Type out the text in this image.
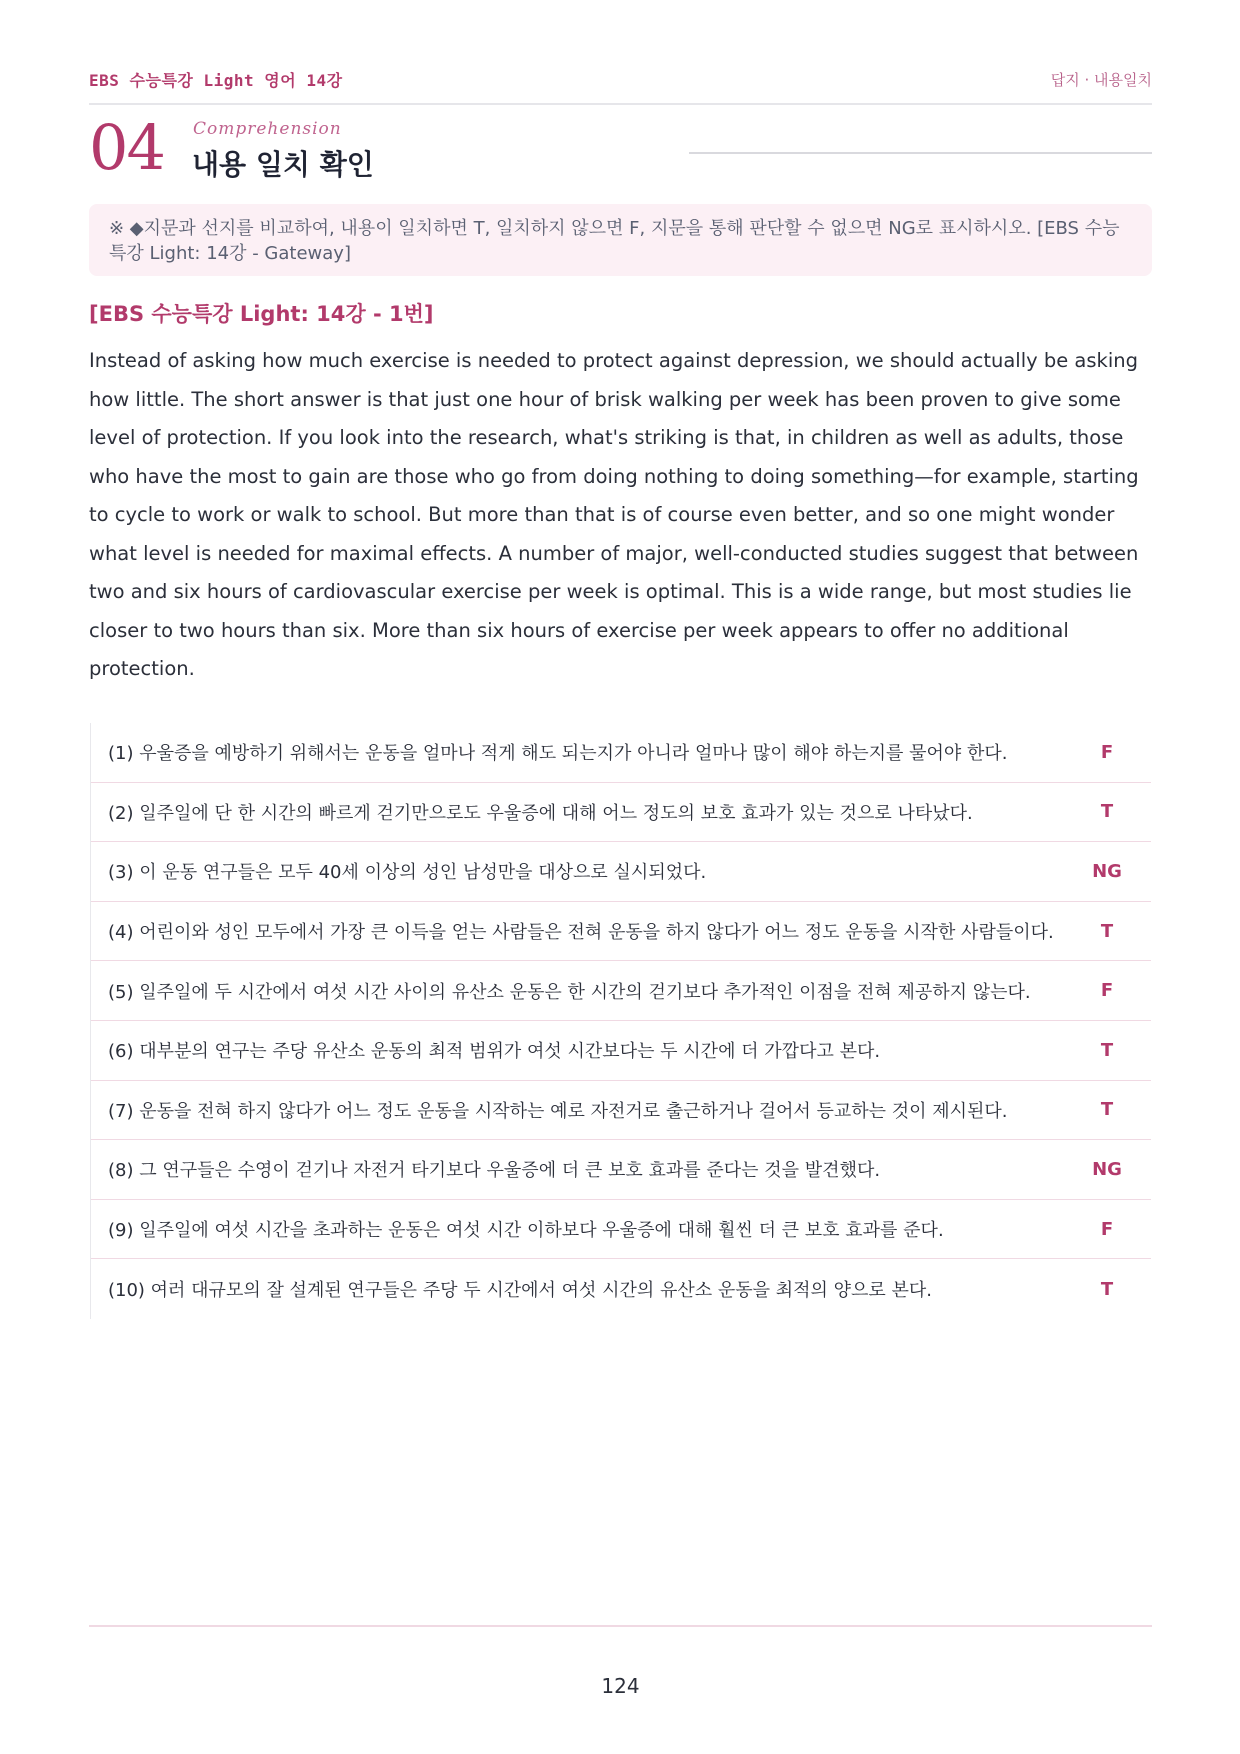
EBS 수능특강 Light 영어 14강	답지 · 내용일치
04 Comprehension
내용 일치 확인
※ ◆지문과 선지를 비교하여, 내용이 일치하면 T, 일치하지 않으면 F, 지문을 통해 판단할 수 없으면 NG로 표시하시오. [EBS 수능특강 Light: 14강 - Gateway]
[EBS 수능특강 Light: 14강 - 1번]
Instead of asking how much exercise is needed to protect against depression, we should actually be asking how little. The short answer is that just one hour of brisk walking per week has been proven to give some level of protection. If you look into the research, what's striking is that, in children as well as adults, those who have the most to gain are those who go from doing nothing to doing something—for example, starting to cycle to work or walk to school. But more than that is of course even better, and so one might wonder what level is needed for maximal effects. A number of major, well-conducted studies suggest that between two and six hours of cardiovascular exercise per week is optimal. This is a wide range, but most studies lie closer to two hours than six. More than six hours of exercise per week appears to offer no additional protection.
(1) 우울증을 예방하기 위해서는 운동을 얼마나 적게 해도 되는지가 아니라 얼마나 많이 해야 하는지를 물어야 한다.	F
(2) 일주일에 단 한 시간의 빠르게 걷기만으로도 우울증에 대해 어느 정도의 보호 효과가 있는 것으로 나타났다.	T
(3) 이 운동 연구들은 모두 40세 이상의 성인 남성만을 대상으로 실시되었다.	NG
(4) 어린이와 성인 모두에서 가장 큰 이득을 얻는 사람들은 전혀 운동을 하지 않다가 어느 정도 운동을 시작한 사람들이다.	T
(5) 일주일에 두 시간에서 여섯 시간 사이의 유산소 운동은 한 시간의 걷기보다 추가적인 이점을 전혀 제공하지 않는다.	F
(6) 대부분의 연구는 주당 유산소 운동의 최적 범위가 여섯 시간보다는 두 시간에 더 가깝다고 본다.	T
(7) 운동을 전혀 하지 않다가 어느 정도 운동을 시작하는 예로 자전거로 출근하거나 걸어서 등교하는 것이 제시된다.	T
(8) 그 연구들은 수영이 걷기나 자전거 타기보다 우울증에 더 큰 보호 효과를 준다는 것을 발견했다.	NG
(9) 일주일에 여섯 시간을 초과하는 운동은 여섯 시간 이하보다 우울증에 대해 훨씬 더 큰 보호 효과를 준다.	F
(10) 여러 대규모의 잘 설계된 연구들은 주당 두 시간에서 여섯 시간의 유산소 운동을 최적의 양으로 본다.	T
124
